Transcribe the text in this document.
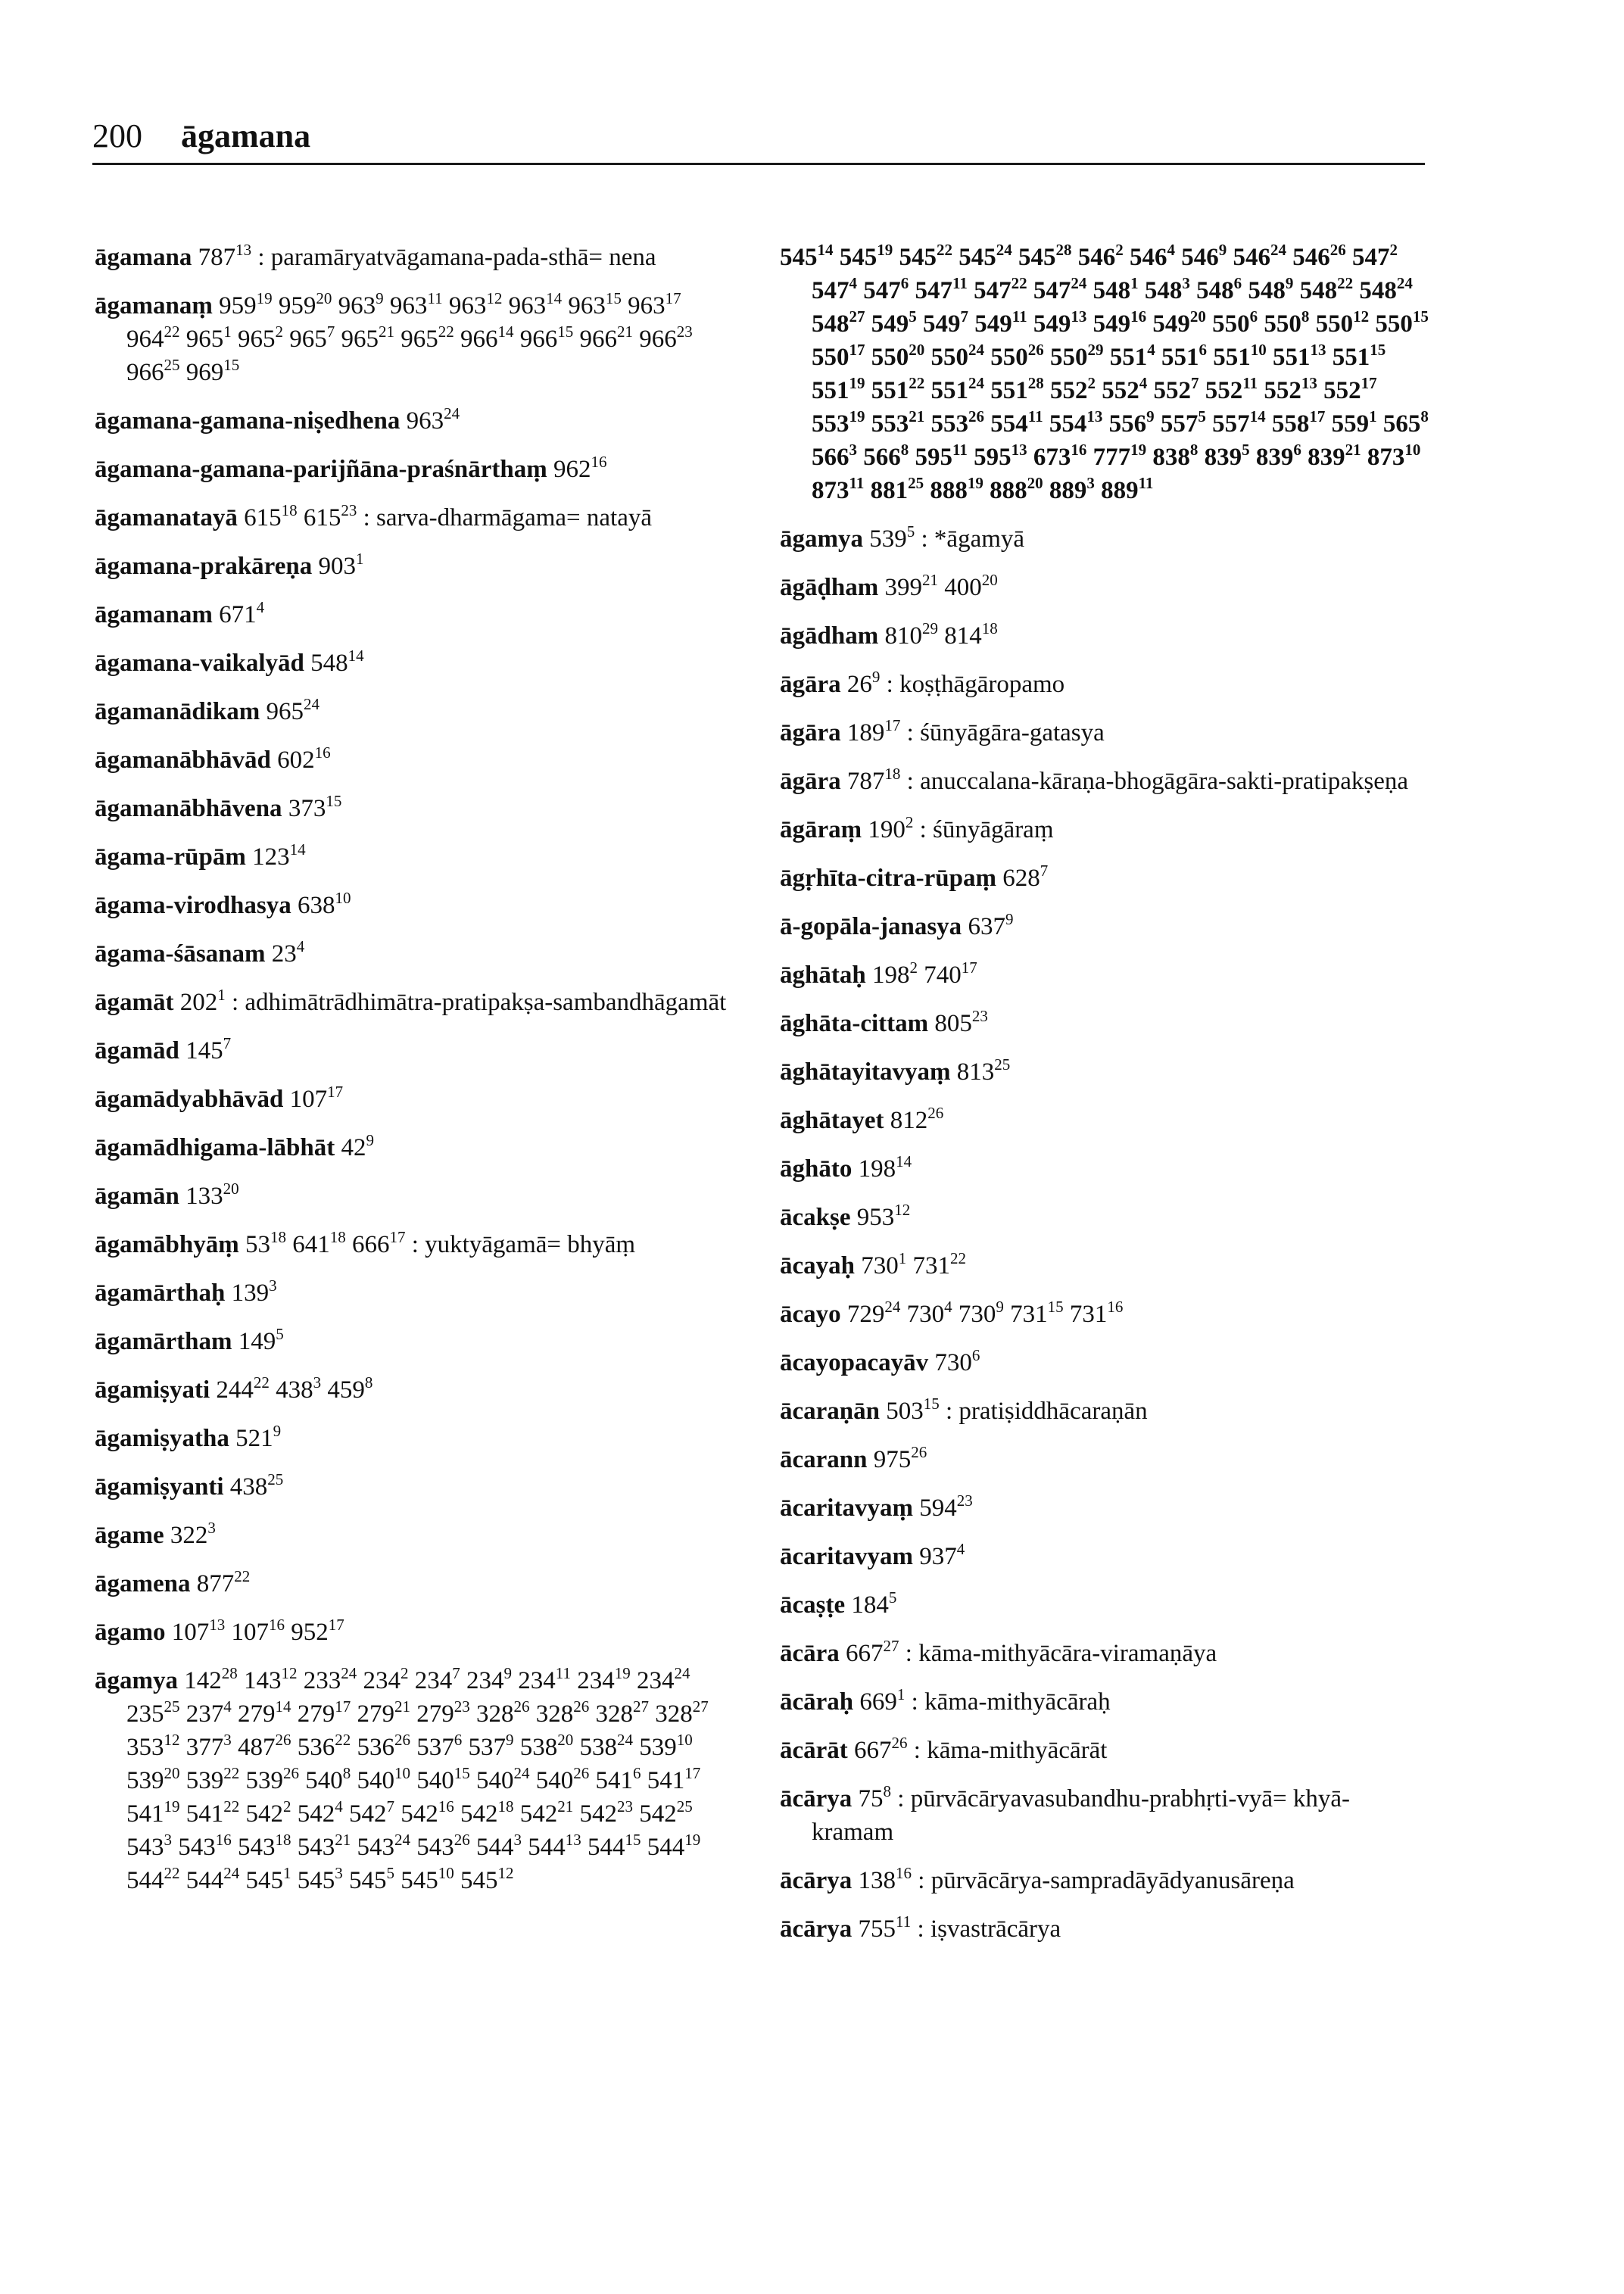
200 āgamana

āgamana $787^{13}$ : paramāryatvāgamana-pada-sthā= nena

āgamanaṃ $959^{19}$ $959^{20}$ $963^9$ $963^{11}$ $963^{12}$ $963^{14}$ $963^{15}$ $963^{17}$ $964^{22}$ $965^1$ $965^2$ $965^7$ $965^{21}$ $965^{22}$ $966^{14}$ $966^{15}$ $966^{21}$ $966^{23}$ $966^{25}$ $969^{15}$

āgamana-gamana-niṣedhena $963^{24}$

āgamana-gamana-parijñāna-praśnārthaṃ $962^{16}$

āgamanatayā $615^{18}$ $615^{23}$ : sarva-dharmāgama= natayā

āgamana-prakāreṇa $903^1$

āgamanam $671^4$

āgamana-vaikalyād $548^{14}$

āgamanādikam $965^{24}$

āgamanābhāvād $602^{16}$

āgamanābhāvena $373^{15}$

āgama-rūpām $123^{14}$

āgama-virodhasya $638^{10}$

āgama-śāsanam $23^4$

āgamāt $202^1$ : adhimātrādhimātra-pratipakṣa-sambandhāgamāt

āgamād $145^7$

āgamādyabhāvād $107^{17}$

āgamādhigama-lābhāt $42^9$

āgamān $133^{20}$

āgamābhyāṃ $53^{18}$ $641^{18}$ $666^{17}$ : yuktyāgamā= bhyāṃ

āgamārthaḥ $139^3$

āgamārtham $149^5$

āgamiṣyati $244^{22}$ $438^3$ $459^8$

āgamiṣyatha $521^9$

āgamiṣyanti $438^{25}$

āgame $322^3$

āgamena $877^{22}$

āgamo $107^{13}$ $107^{16}$ $952^{17}$

āgamya $142^{28}$ $143^{12}$ $233^{24}$ $234^2$ $234^7$ $234^9$ $234^{11}$ $234^{19}$ $234^{24}$ $235^{25}$ $237^4$ $279^{14}$ $279^{17}$ $279^{21}$ $279^{23}$ $328^{26}$ $328^{26}$ $328^{27}$ $328^{27}$ $353^{12}$ $377^3$ $487^{26}$ $536^{22}$ $536^{26}$ $537^6$ $537^9$ $538^{20}$ $538^{24}$ $539^{10}$ $539^{20}$ $539^{22}$ $539^{26}$ $540^8$ $540^{10}$ $540^{15}$ $540^{24}$ $540^{26}$ $541^6$ $541^{17}$ $541^{19}$ $541^{22}$ $542^2$ $542^4$ $542^7$ $542^{16}$ $542^{18}$ $542^{21}$ $542^{23}$ $542^{25}$ $543^3$ $543^{16}$ $543^{18}$ $543^{21}$ $543^{24}$ $543^{26}$ $544^3$ $544^{13}$ $544^{15}$ $544^{19}$ $544^{22}$ $544^{24}$ $545^1$ $545^3$ $545^5$ $545^{10}$ $545^{12}$

$545^{14}$ $545^{19}$ $545^{22}$ $545^{24}$ $545^{28}$ $546^2$ $546^4$ $546^9$ $546^{24}$ $546^{26}$ $547^2$ $547^4$ $547^6$ $547^{11}$ $547^{22}$ $547^{24}$ $548^1$ $548^3$ $548^6$ $548^9$ $548^{22}$ $548^{24}$ $548^{27}$ $549^5$ $549^7$ $549^{11}$ $549^{13}$ $549^{16}$ $549^{20}$ $550^6$ $550^8$ $550^{12}$ $550^{15}$ $550^{17}$ $550^{20}$ $550^{24}$ $550^{26}$ $550^{29}$ $551^4$ $551^6$ $551^{10}$ $551^{13}$ $551^{15}$ $551^{19}$ $551^{22}$ $551^{24}$ $551^{28}$ $552^2$ $552^4$ $552^7$ $552^{11}$ $552^{13}$ $552^{17}$ $553^{19}$ $553^{21}$ $553^{26}$ $554^{11}$ $554^{13}$ $556^9$ $557^5$ $557^{14}$ $558^{17}$ $559^1$ $565^8$ $566^3$ $566^8$ $595^{11}$ $595^{13}$ $673^{16}$ $777^{19}$ $838^8$ $839^5$ $839^6$ $839^{21}$ $873^{10}$ $873^{11}$ $881^{25}$ $888^{19}$ $888^{20}$ $889^3$ $889^{11}$

āgamya $539^5$ : *āgamyā

āgāḍham $399^{21}$ $400^{20}$

āgādham $810^{29}$ $814^{18}$

āgāra $26^9$ : koṣṭhāgāropamo

āgāra $189^{17}$ : śūnyāgāra-gatasya

āgāra $787^{18}$ : anuccalana-kāraṇa-bhogāgāra-sakti-pratipakṣeṇa

āgāraṃ $190^2$ : śūnyāgāraṃ

āgṛhīta-citra-rūpaṃ $628^7$

ā-gopāla-janasya $637^9$

āghātaḥ $198^2$ $740^{17}$

āghāta-cittam $805^{23}$

āghātayitavyaṃ $813^{25}$

āghātayet $812^{26}$

āghāto $198^{14}$

ācakṣe $953^{12}$

ācayaḥ $730^1$ $731^{22}$

ācayo $729^{24}$ $730^4$ $730^9$ $731^{15}$ $731^{16}$

ācayopacayāv $730^6$

ācaraṇān $503^{15}$ : pratiṣiddhācaraṇān

ācarann $975^{26}$

ācaritavyaṃ $594^{23}$

ācaritavyam $937^4$

ācaṣṭe $184^5$

ācāra $667^{27}$ : kāma-mithyācāra-viramaṇāya

ācāraḥ $669^1$ : kāma-mithyācāraḥ

ācārāt $667^{26}$ : kāma-mithyācārāt

ācārya $75^8$ : pūrvācāryavasubandhu-prabhṛti-vyā= khyā-kramam

ācārya $138^{16}$ : pūrvācārya-sampradāyādyanusāreṇa

ācārya $755^{11}$ : iṣvastrācārya
